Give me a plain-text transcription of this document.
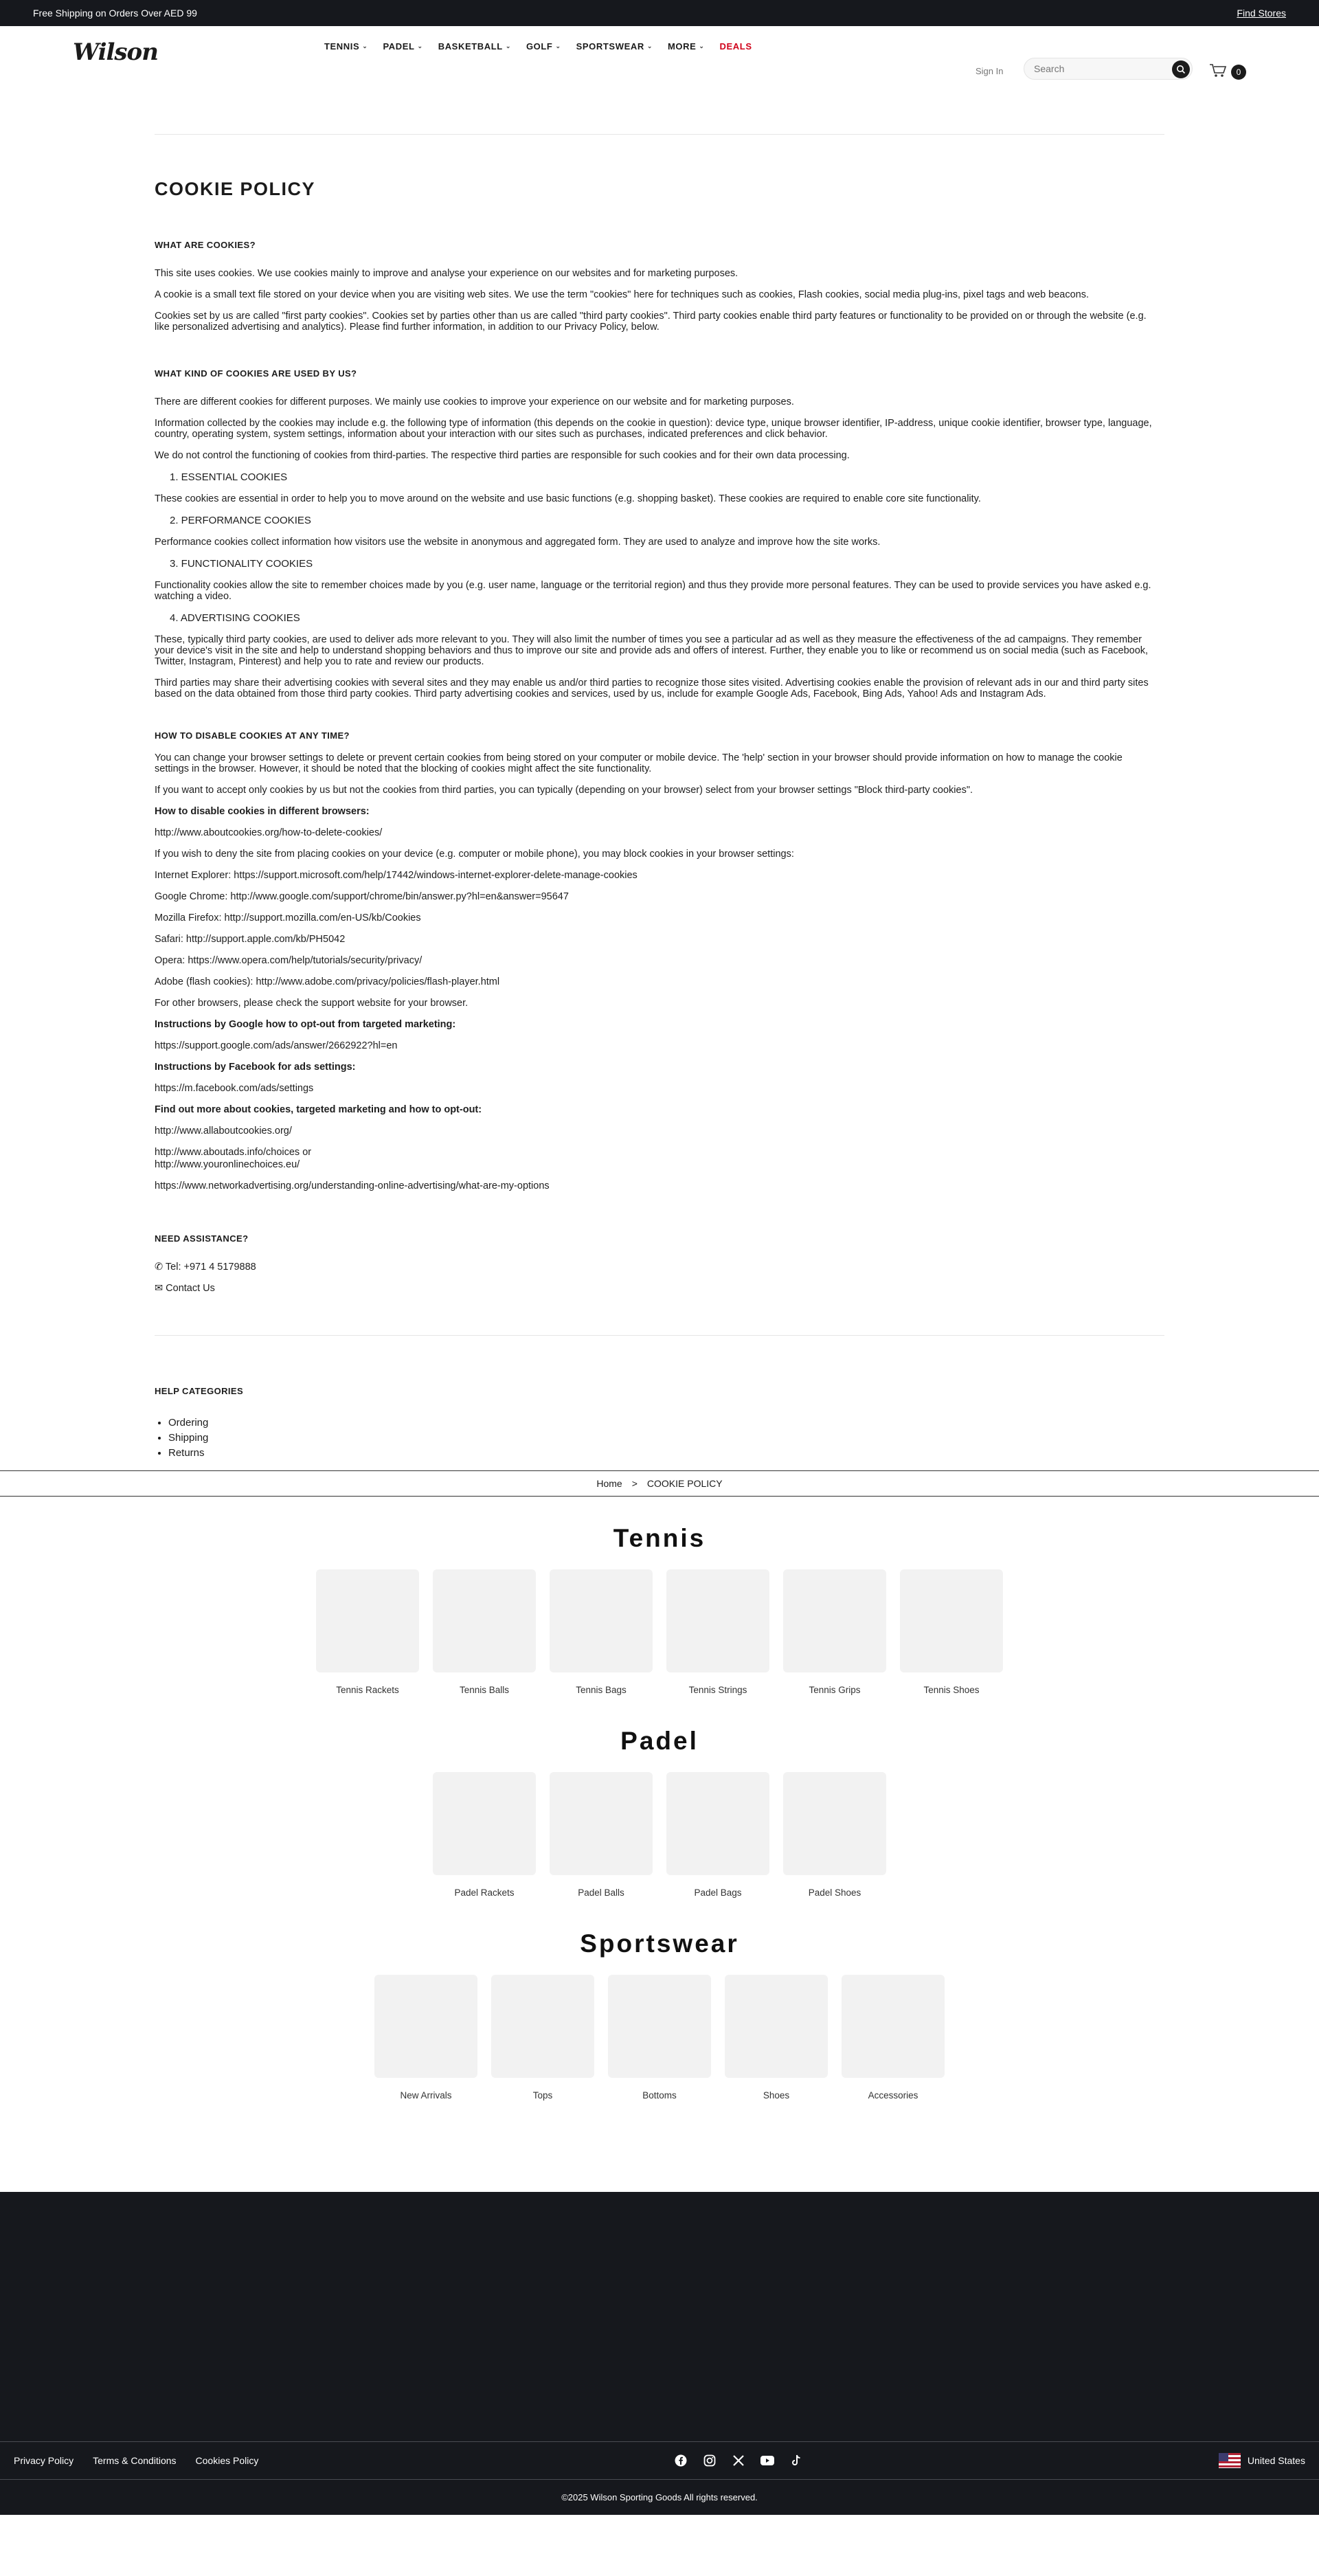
Free Shipping on Orders Over AED 99	Find Stores
Wilson	TENNIS ⌄ PADEL ⌄ BASKETBALL ⌄ GOLF ⌄ SPORTSWEAR ⌄ MORE ⌄ DEALS
Sign In
Search	0
COOKIE POLICY
WHAT ARE COOKIES?

This site uses cookies. We use cookies mainly to improve and analyse your experience on our websites and for marketing purposes.

A cookie is a small text file stored on your device when you are visiting web sites. We use the term "cookies" here for techniques such as cookies, Flash cookies, social media plug-ins, pixel tags and web beacons.

Cookies set by us are called "first party cookies". Cookies set by parties other than us are called "third party cookies". Third party cookies enable third party features or functionality to be provided on or through the website (e.g. like personalized advertising and analytics). Please find further information, in addition to our Privacy Policy, below.

WHAT KIND OF COOKIES ARE USED BY US?

There are different cookies for different purposes. We mainly use cookies to improve your experience on our website and for marketing purposes.

Information collected by the cookies may include e.g. the following type of information (this depends on the cookie in question): device type, unique browser identifier, IP-address, unique cookie identifier, browser type, language, country, operating system, system settings, information about your interaction with our sites such as purchases, indicated preferences and click behavior.

We do not control the functioning of cookies from third-parties. The respective third parties are responsible for such cookies and for their own data processing.

1. ESSENTIAL COOKIES

These cookies are essential in order to help you to move around on the website and use basic functions (e.g. shopping basket). These cookies are required to enable core site functionality.

2. PERFORMANCE COOKIES

Performance cookies collect information how visitors use the website in anonymous and aggregated form. They are used to analyze and improve how the site works.

3. FUNCTIONALITY COOKIES

Functionality cookies allow the site to remember choices made by you (e.g. user name, language or the territorial region) and thus they provide more personal features. They can be used to provide services you have asked e.g. watching a video.

4. ADVERTISING COOKIES

These, typically third party cookies, are used to deliver ads more relevant to you. They will also limit the number of times you see a particular ad as well as they measure the effectiveness of the ad campaigns. They remember your device's visit in the site and help to understand shopping behaviors and thus to improve our site and provide ads and offers of interest. Further, they enable you to like or recommend us on social media (such as Facebook, Twitter, Instagram, Pinterest) and help you to rate and review our products.

Third parties may share their advertising cookies with several sites and they may enable us and/or third parties to recognize those sites visited. Advertising cookies enable the provision of relevant ads in our and third party sites based on the data obtained from those third party cookies. Third party advertising cookies and services, used by us, include for example Google Ads, Facebook, Bing Ads, Yahoo! Ads and Instagram Ads.

HOW TO DISABLE COOKIES AT ANY TIME?

You can change your browser settings to delete or prevent certain cookies from being stored on your computer or mobile device. The 'help' section in your browser should provide information on how to manage the cookie settings in the browser. However, it should be noted that the blocking of cookies might affect the site functionality.

If you want to accept only cookies by us but not the cookies from third parties, you can typically (depending on your browser) select from your browser settings "Block third-party cookies".

How to disable cookies in different browsers:

http://www.aboutcookies.org/how-to-delete-cookies/

If you wish to deny the site from placing cookies on your device (e.g. computer or mobile phone), you may block cookies in your browser settings:

Internet Explorer: https://support.microsoft.com/help/17442/windows-internet-explorer-delete-manage-cookies

Google Chrome: http://www.google.com/support/chrome/bin/answer.py?hl=en&answer=95647

Mozilla Firefox: http://support.mozilla.com/en-US/kb/Cookies

Safari: http://support.apple.com/kb/PH5042

Opera: https://www.opera.com/help/tutorials/security/privacy/

Adobe (flash cookies): http://www.adobe.com/privacy/policies/flash-player.html

For other browsers, please check the support website for your browser.

Instructions by Google how to opt-out from targeted marketing:

https://support.google.com/ads/answer/2662922?hl=en

Instructions by Facebook for ads settings:

https://m.facebook.com/ads/settings

Find out more about cookies, targeted marketing and how to opt-out:

http://www.allaboutcookies.org/

http://www.aboutads.info/choices or

http://www.youronlinechoices.eu/

https://www.networkadvertising.org/understanding-online-advertising/what-are-my-options

NEED ASSISTANCE?

✆ Tel: +971 4 5179888

✉ Contact Us

HELP CATEGORIES
• Ordering
• Shipping
• Returns
Home > COOKIE POLICY
Tennis
Tennis Rackets	Tennis Balls	Tennis Bags	Tennis Strings	Tennis Grips	Tennis Shoes
Padel
Padel Rackets	Padel Balls	Padel Bags	Padel Shoes
Sportswear
New Arrivals	Tops	Bottoms	Shoes	Accessories
Privacy Policy Terms & Conditions Cookies Policy	United States
©2025 Wilson Sporting Goods All rights reserved.
